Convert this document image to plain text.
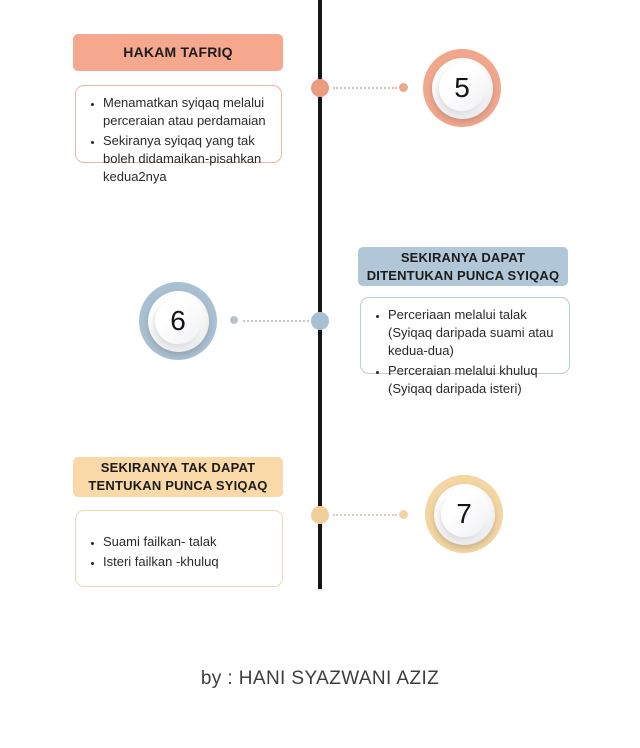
HAKAM TAFRIQ
• Menamatkan syiqaq melalui perceraian atau perdamaian
• Sekiranya syiqaq yang tak boleh didamaikan-pisahkan kedua2nya
5
6
SEKIRANYA DAPAT DITENTUKAN PUNCA SYIQAQ
• Perceriaan melalui talak (Syiqaq daripada suami atau kedua-dua)
• Perceraian melalui khuluq (Syiqaq daripada isteri)
SEKIRANYA TAK DAPAT TENTUKAN PUNCA SYIQAQ
• Suami failkan- talak
• Isteri failkan -khuluq
7
by : HANI SYAZWANI AZIZ
